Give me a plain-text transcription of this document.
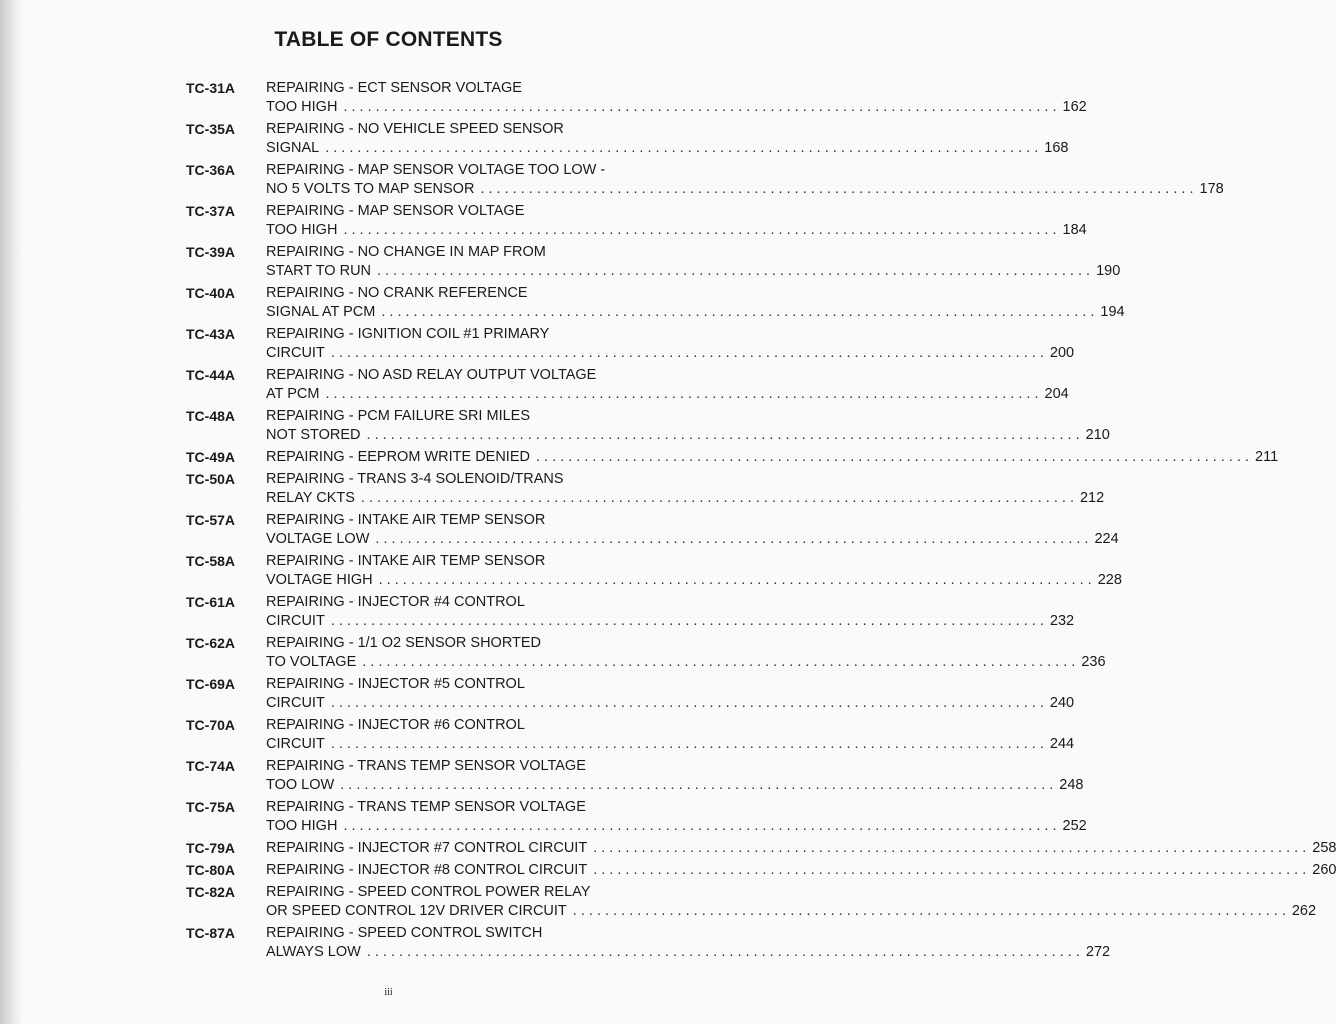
TABLE OF CONTENTS
TC-31A	REPAIRING - ECT SENSOR VOLTAGE
TOO HIGH . . .	162
TC-35A	REPAIRING - NO VEHICLE SPEED SENSOR
SIGNAL . . .	168
TC-36A	REPAIRING - MAP SENSOR VOLTAGE TOO LOW -
NO 5 VOLTS TO MAP SENSOR . . .	178
TC-37A	REPAIRING - MAP SENSOR VOLTAGE
TOO HIGH . . .	184
TC-39A	REPAIRING - NO CHANGE IN MAP FROM
START TO RUN . . .	190
TC-40A	REPAIRING - NO CRANK REFERENCE
SIGNAL AT PCM . . .	194
TC-43A	REPAIRING - IGNITION COIL #1 PRIMARY
CIRCUIT . . .	200
TC-44A	REPAIRING - NO ASD RELAY OUTPUT VOLTAGE
AT PCM . . .	204
TC-48A	REPAIRING - PCM FAILURE SRI MILES
NOT STORED . . .	210
TC-49A	REPAIRING - EEPROM WRITE DENIED . . .	211
TC-50A	REPAIRING - TRANS 3-4 SOLENOID/TRANS
RELAY CKTS . . .	212
TC-57A	REPAIRING - INTAKE AIR TEMP SENSOR
VOLTAGE LOW . . .	224
TC-58A	REPAIRING - INTAKE AIR TEMP SENSOR
VOLTAGE HIGH . . .	228
TC-61A	REPAIRING - INJECTOR #4 CONTROL
CIRCUIT . . .	232
TC-62A	REPAIRING - 1/1 O2 SENSOR SHORTED
TO VOLTAGE . . .	236
TC-69A	REPAIRING - INJECTOR #5 CONTROL
CIRCUIT . . .	240
TC-70A	REPAIRING - INJECTOR #6 CONTROL
CIRCUIT . . .	244
TC-74A	REPAIRING - TRANS TEMP SENSOR VOLTAGE
TOO LOW . . .	248
TC-75A	REPAIRING - TRANS TEMP SENSOR VOLTAGE
TOO HIGH . . .	252
TC-79A	REPAIRING - INJECTOR #7 CONTROL CIRCUIT . . .	258
TC-80A	REPAIRING - INJECTOR #8 CONTROL CIRCUIT . . .	260
TC-82A	REPAIRING - SPEED CONTROL POWER RELAY
OR SPEED CONTROL 12V DRIVER CIRCUIT . . .	262
TC-87A	REPAIRING - SPEED CONTROL SWITCH
ALWAYS LOW . . .	272
iii
